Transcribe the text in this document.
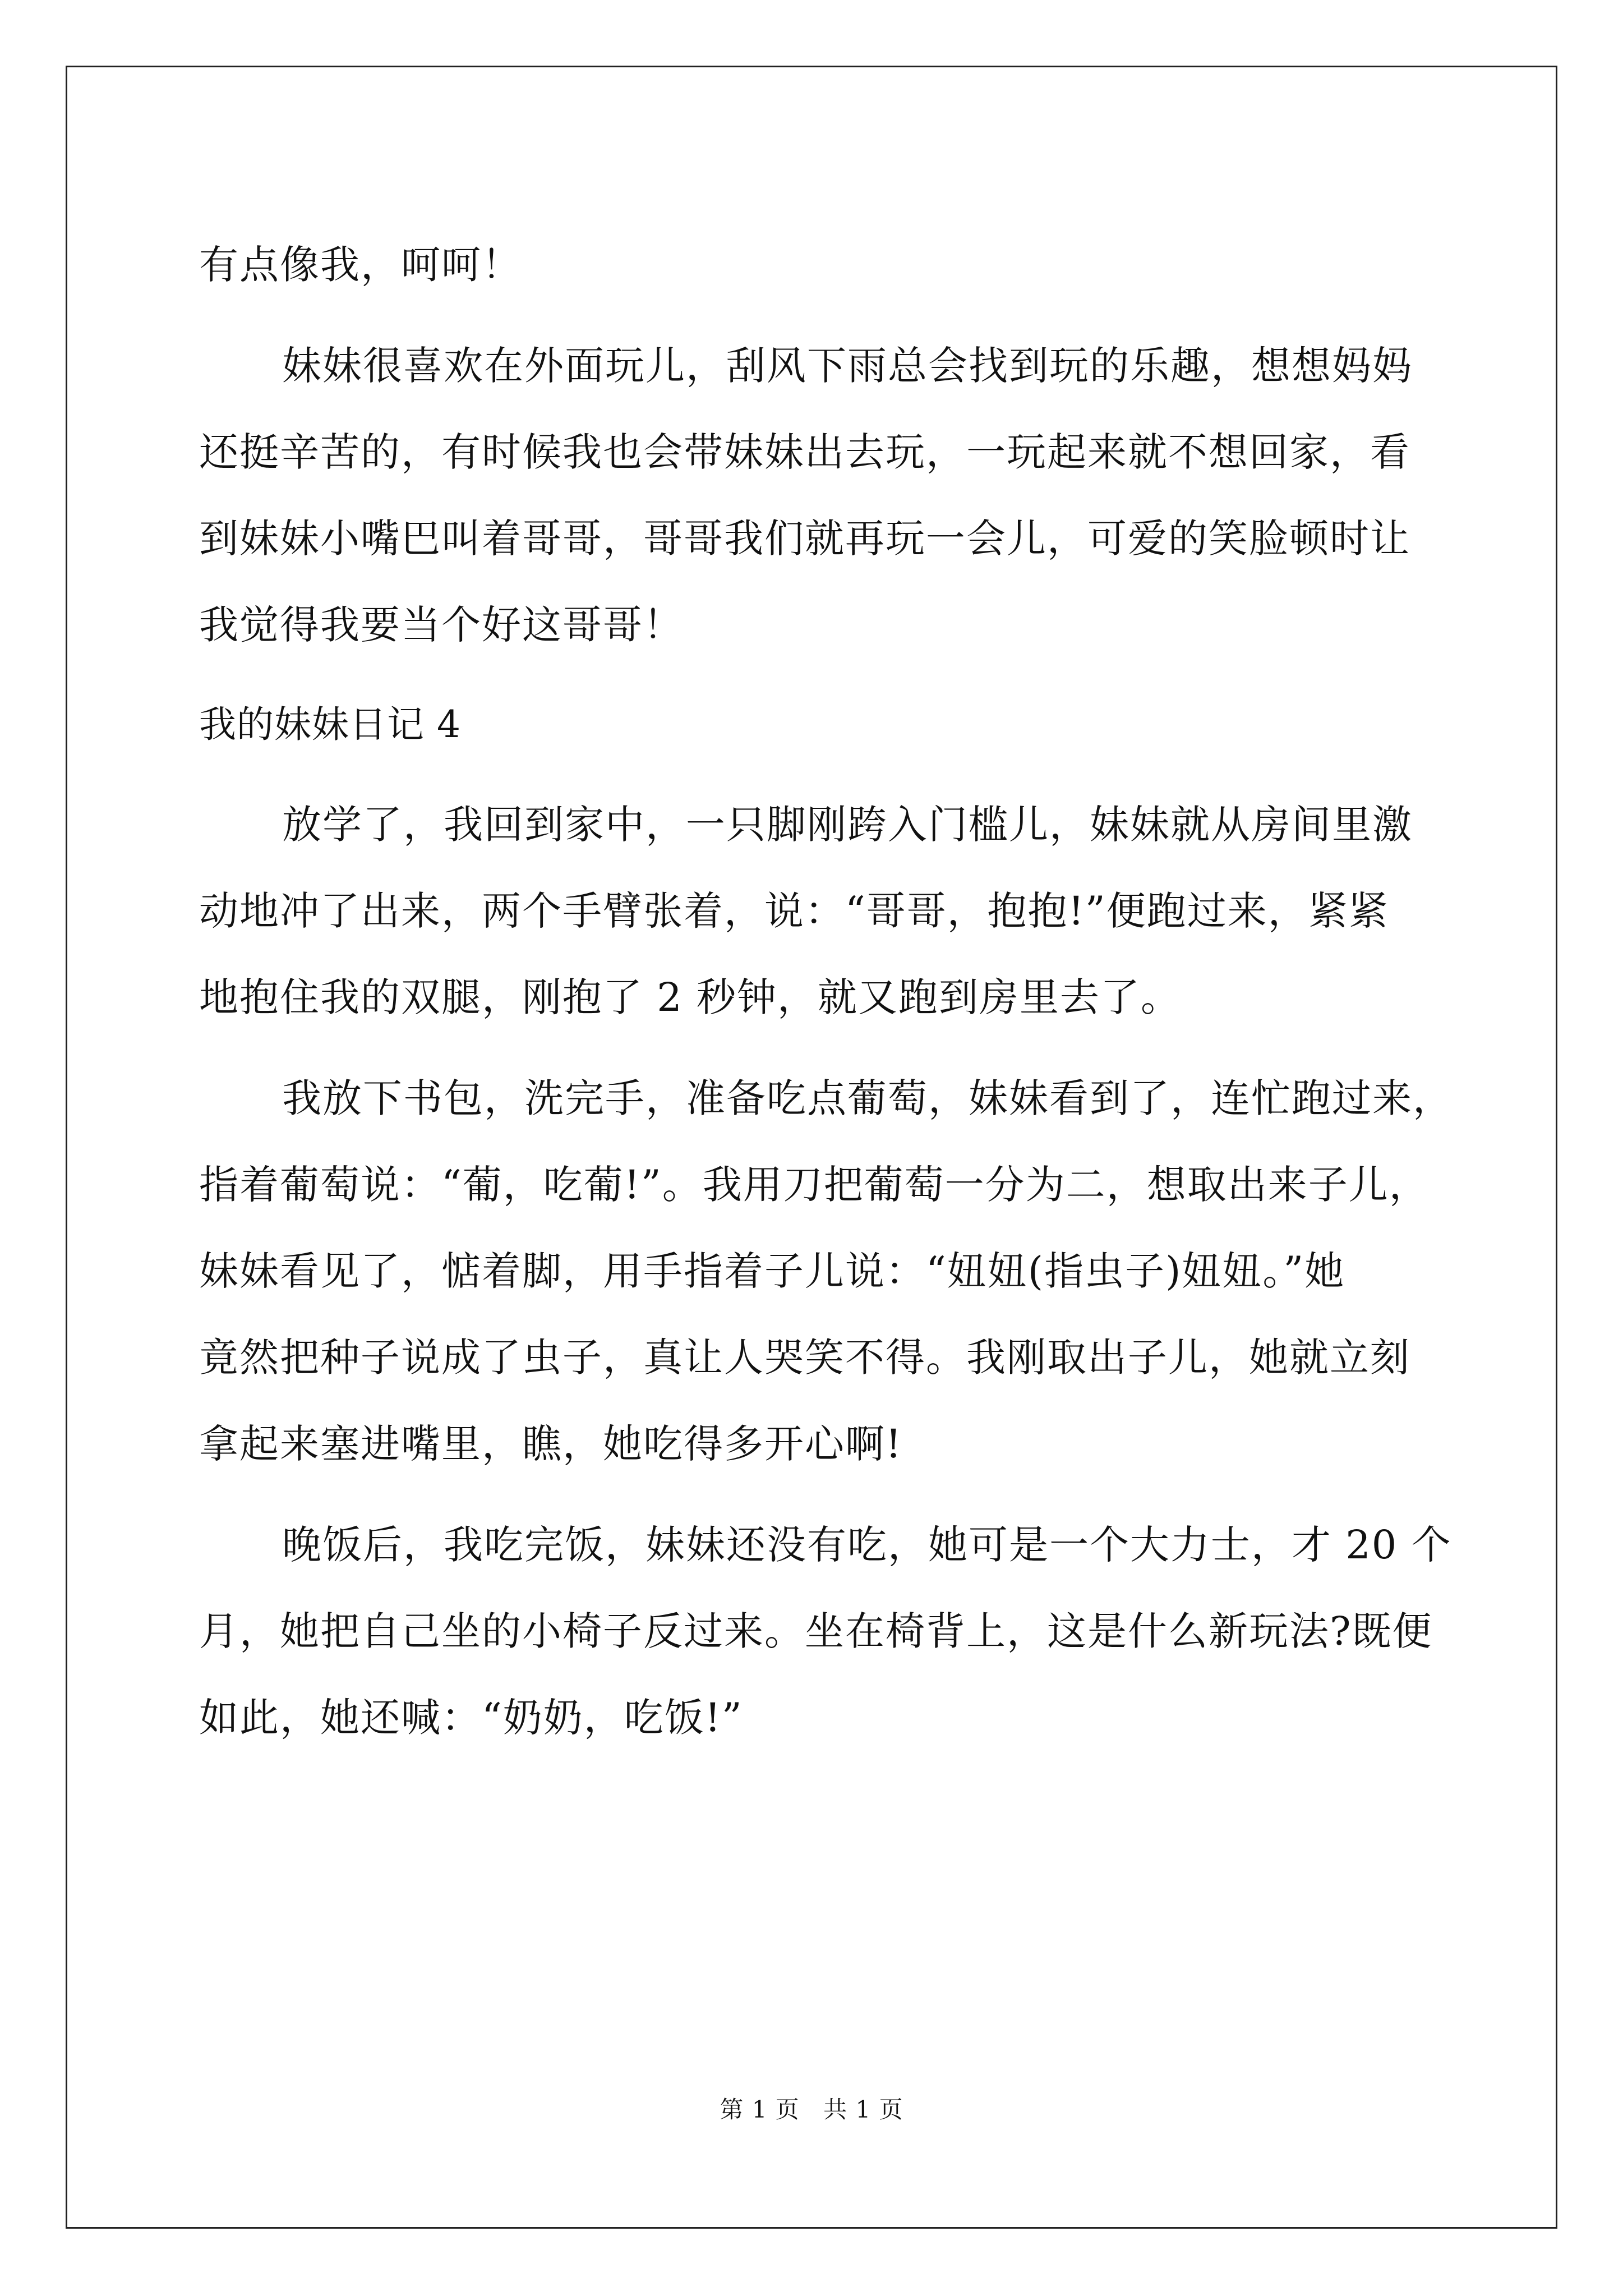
有点像我，呵呵！
妹妹很喜欢在外面玩儿，刮风下雨总会找到玩的乐趣，想想妈妈
还挺辛苦的，有时候我也会带妹妹出去玩，一玩起来就不想回家，看
到妹妹小嘴巴叫着哥哥，哥哥我们就再玩一会儿，可爱的笑脸顿时让
我觉得我要当个好这哥哥！
我的妹妹日记 4
放学了，我回到家中，一只脚刚跨入门槛儿，妹妹就从房间里激
动地冲了出来，两个手臂张着，说：“哥哥，抱抱!”便跑过来，紧紧
地抱住我的双腿，刚抱了 2 秒钟，就又跑到房里去了。
我放下书包，洗完手，准备吃点葡萄，妹妹看到了，连忙跑过来，
指着葡萄说：“葡，吃葡!”。我用刀把葡萄一分为二，想取出来子儿，
妹妹看见了，惦着脚，用手指着子儿说：“妞妞(指虫子)妞妞。”她
竟然把种子说成了虫子，真让人哭笑不得。我刚取出子儿，她就立刻
拿起来塞进嘴里，瞧，她吃得多开心啊!
晚饭后，我吃完饭，妹妹还没有吃，她可是一个大力士，才 20 个
月，她把自己坐的小椅子反过来。坐在椅背上，这是什么新玩法?既便
如此，她还喊：“奶奶，吃饭!”
第 1 页 共 1 页
